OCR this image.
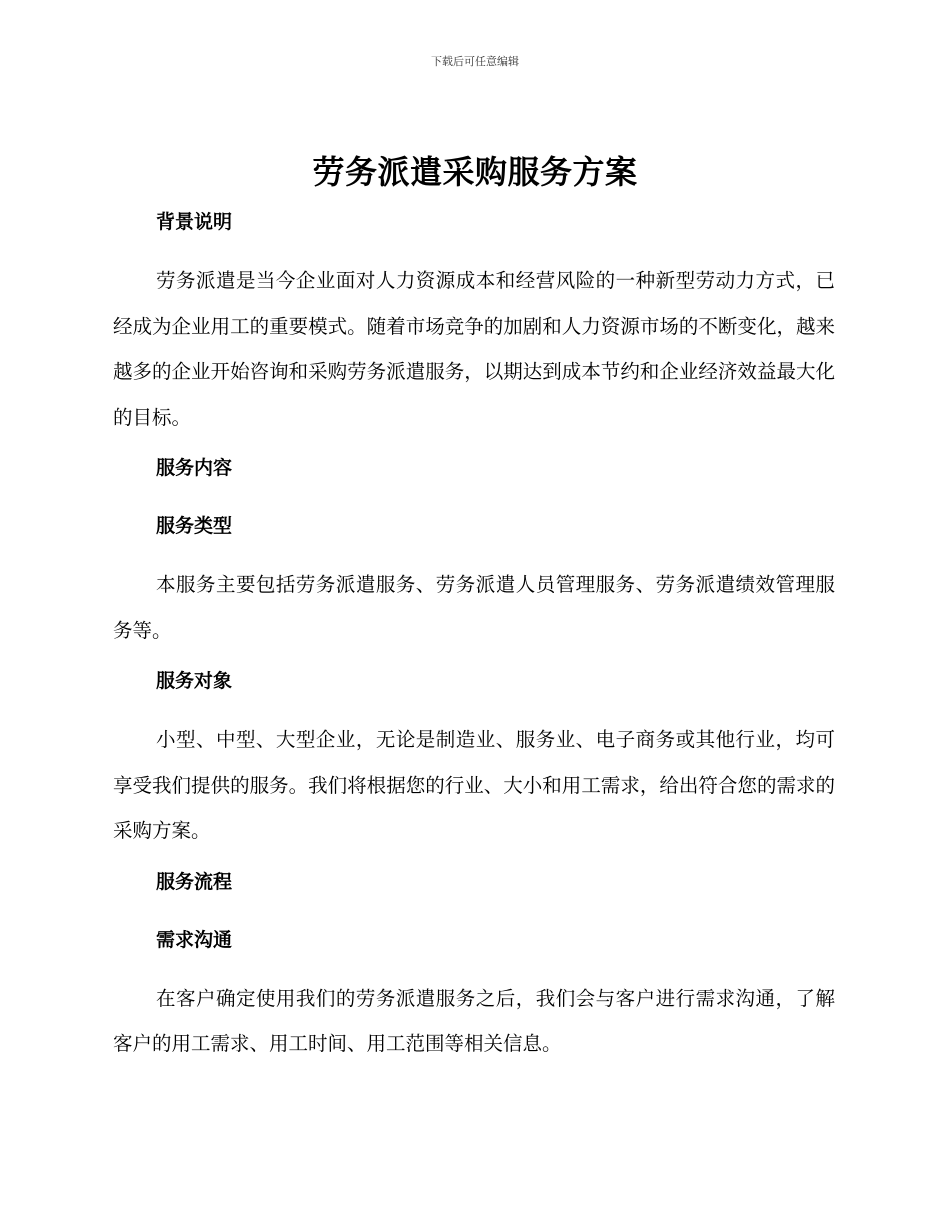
下载后可任意编辑
劳务派遣采购服务方案
背景说明

劳务派遣是当今企业面对人力资源成本和经营风险的一种新型劳动力方式，已经成为企业用工的重要模式。随着市场竞争的加剧和人力资源市场的不断变化，越来越多的企业开始咨询和采购劳务派遣服务，以期达到成本节约和企业经济效益最大化的目标。

服务内容
服务类型

本服务主要包括劳务派遣服务、劳务派遣人员管理服务、劳务派遣绩效管理服务等。

服务对象

小型、中型、大型企业，无论是制造业、服务业、电子商务或其他行业，均可享受我们提供的服务。我们将根据您的行业、大小和用工需求，给出符合您的需求的采购方案。

服务流程
需求沟通

在客户确定使用我们的劳务派遣服务之后，我们会与客户进行需求沟通，了解客户的用工需求、用工时间、用工范围等相关信息。
